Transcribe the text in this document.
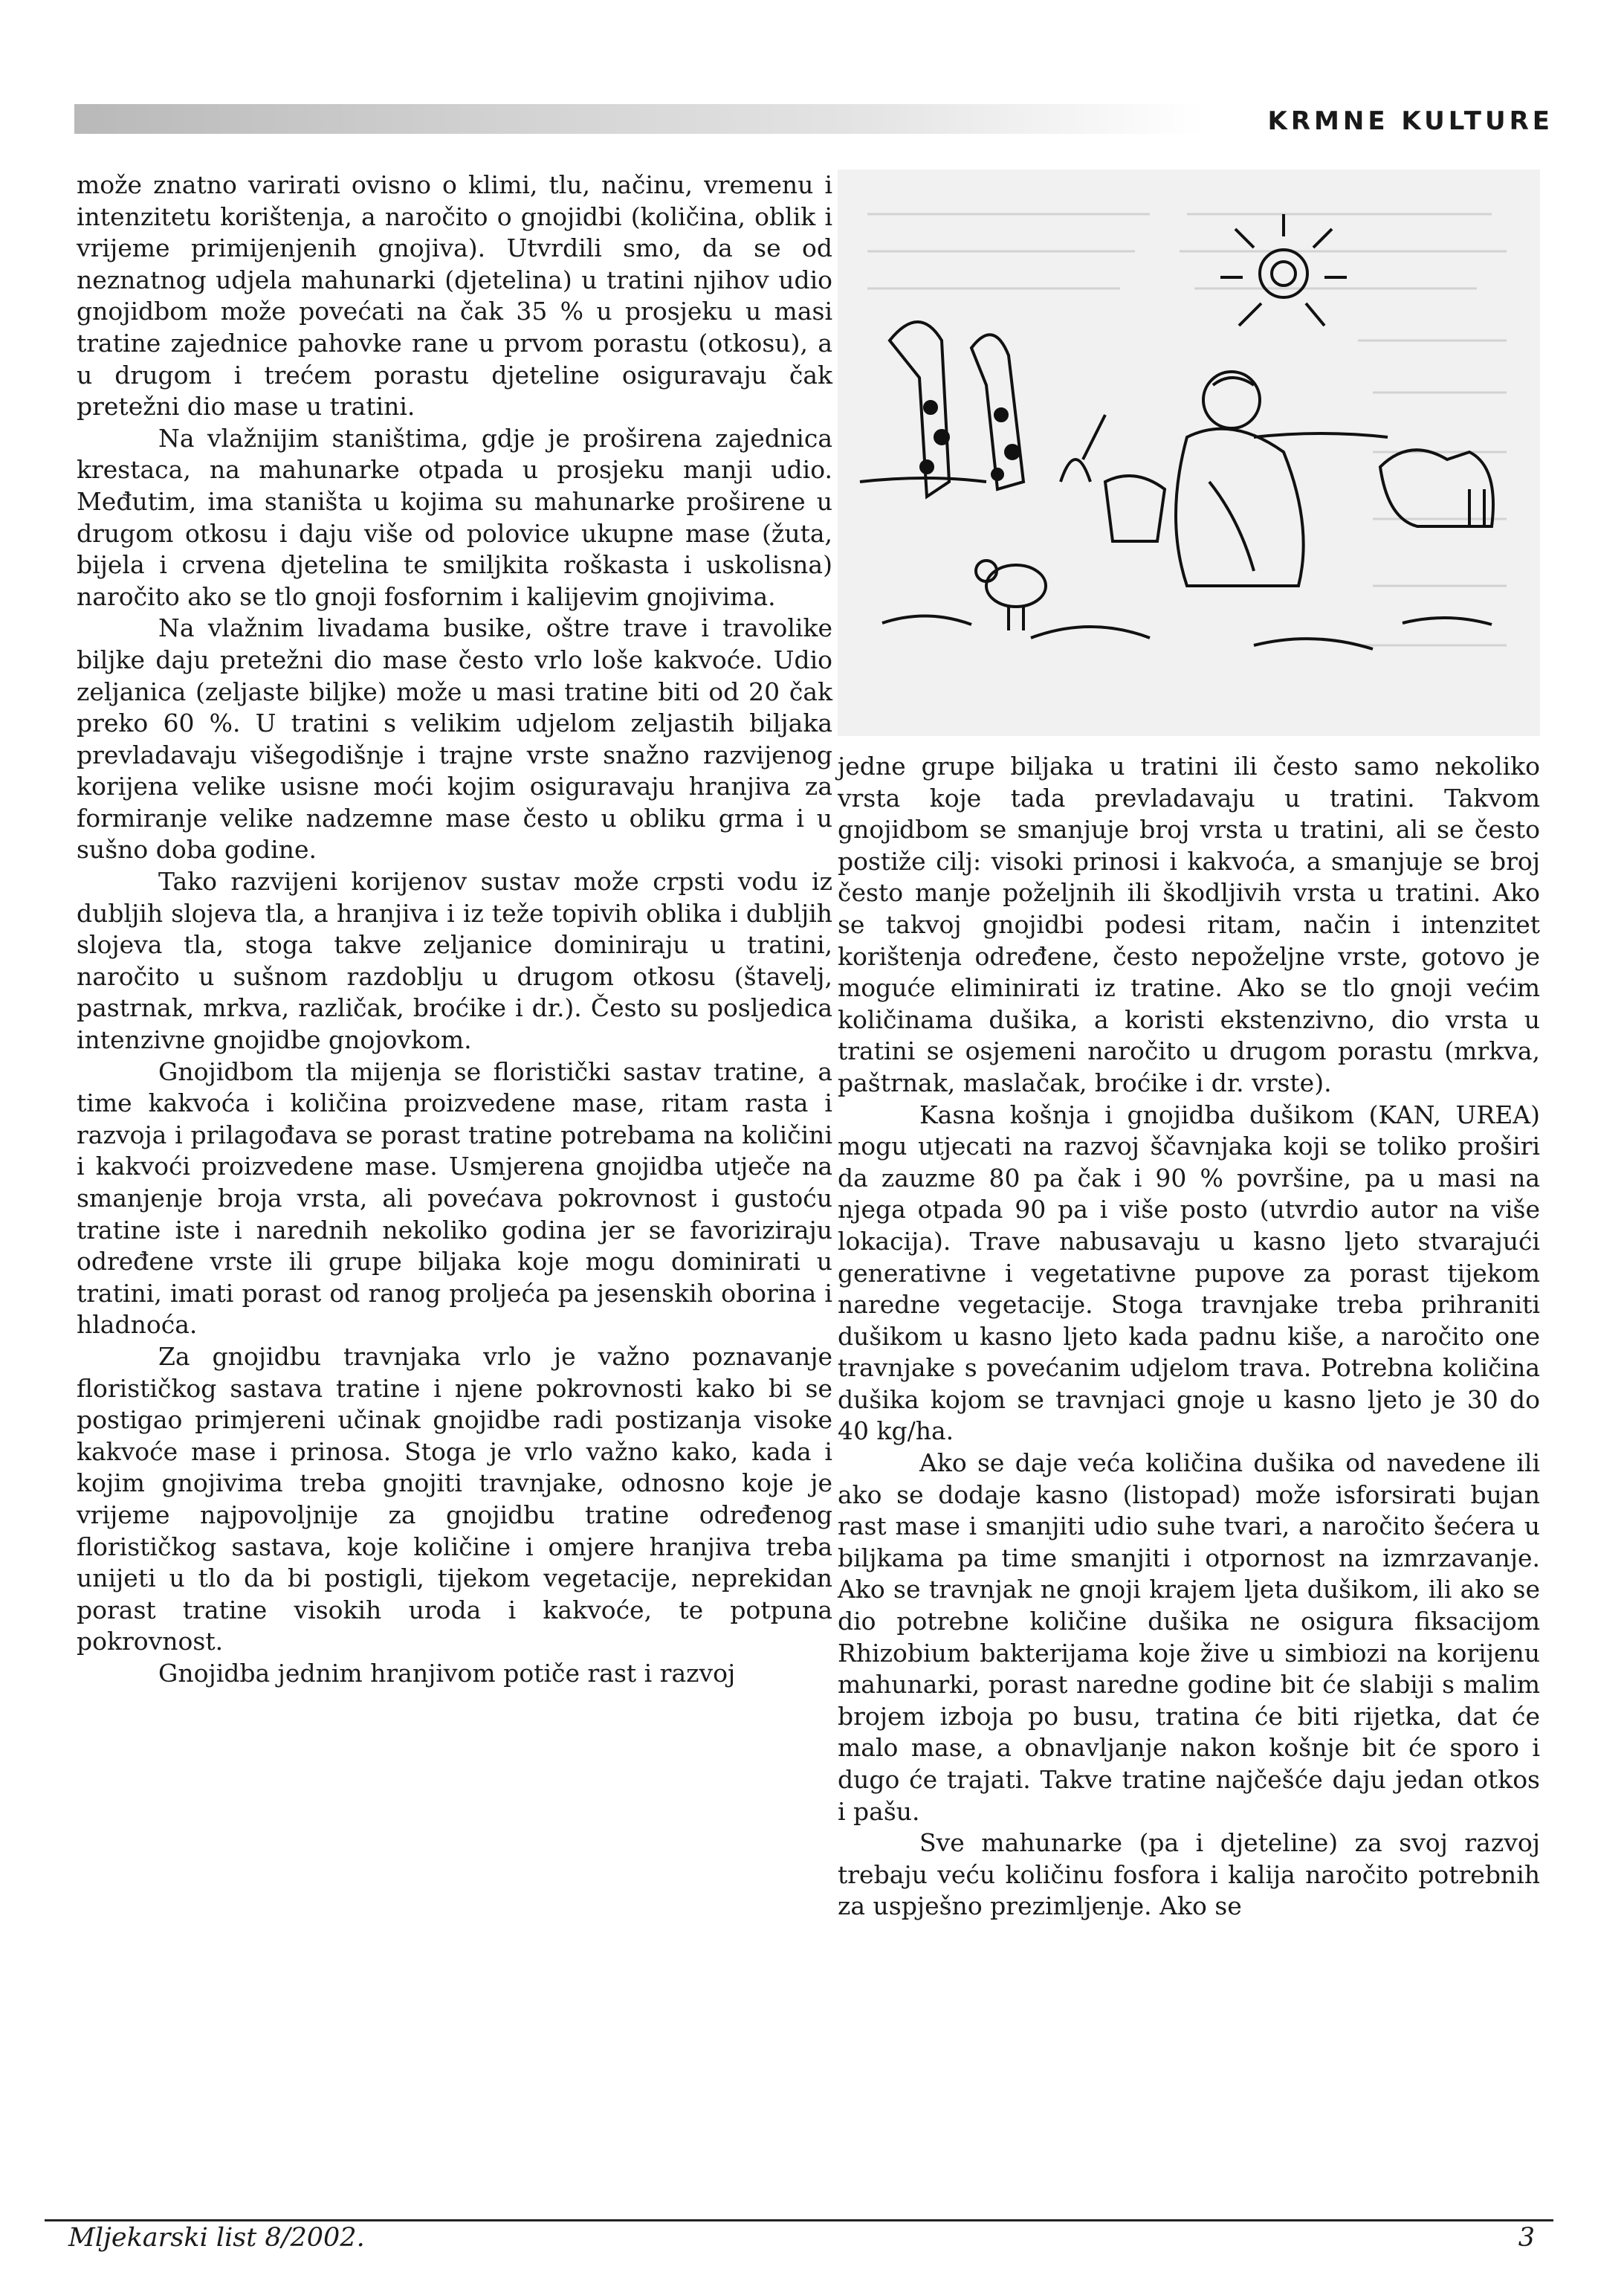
KRMNE KULTURE

može znatno varirati ovisno o klimi, tlu, načinu, vremenu i intenzitetu korištenja, a naročito o gnojidbi (količina, oblik i vrijeme primijenjenih gnojiva). Utvrdili smo, da se od neznatnog udjela mahunarki (djetelina) u tratini njihov udio gnojidbom može povećati na čak 35 % u prosjeku u masi tratine zajednice pahovke rane u prvom porastu (otkosu), a u drugom i trećem porastu djeteline osiguravaju čak pretežni dio mase u tratini.

Na vlažnijim staništima, gdje je proširena zajednica krestaca, na mahunarke otpada u prosjeku manji udio. Međutim, ima staništa u kojima su mahunarke proširene u drugom otkosu i daju više od polovice ukupne mase (žuta, bijela i crvena djetelina te smiljkita roškasta i uskolisna) naročito ako se tlo gnoji fosfornim i kalijevim gnojivima.

Na vlažnim livadama busike, oštre trave i travolike biljke daju pretežni dio mase često vrlo loše kakvoće. Udio zeljanica (zeljaste biljke) može u masi tratine biti od 20 čak preko 60 %. U tratini s velikim udjelom zeljastih biljaka prevladavaju višegodišnje i trajne vrste snažno razvijenog korijena velike usisne moći kojim osiguravaju hranjiva za formiranje velike nadzemne mase često u obliku grma i u sušno doba godine.

Tako razvijeni korijenov sustav može crpsti vodu iz dubljih slojeva tla, a hranjiva i iz teže topivih oblika i dubljih slojeva tla, stoga takve zeljanice dominiraju u tratini, naročito u sušnom razdoblju u drugom otkosu (štavelj, pastrnak, mrkva, različak, broćike i dr.). Često su posljedica intenzivne gnojidbe gnojovkom.

Gnojidbom tla mijenja se floristički sastav tratine, a time kakvoća i količina proizvedene mase, ritam rasta i razvoja i prilagođava se porast tratine potrebama na količini i kakvoći proizvedene mase. Usmjerena gnojidba utječe na smanjenje broja vrsta, ali povećava pokrovnost i gustoću tratine iste i narednih nekoliko godina jer se favoriziraju određene vrste ili grupe biljaka koje mogu dominirati u tratini, imati porast od ranog proljeća pa jesenskih oborina i hladnoća.

Za gnojidbu travnjaka vrlo je važno poznavanje florističkog sastava tratine i njene pokrovnosti kako bi se postigao primjereni učinak gnojidbe radi postizanja visoke kakvoće mase i prinosa. Stoga je vrlo važno kako, kada i kojim gnojivima treba gnojiti travnjake, odnosno koje je vrijeme najpovoljnije za gnojidbu tratine određenog florističkog sastava, koje količine i omjere hranjiva treba unijeti u tlo da bi postigli, tijekom vegetacije, neprekidan porast tratine visokih uroda i kakvoće, te potpuna pokrovnost.

Gnojidba jednim hranjivom potiče rast i razvoj

jedne grupe biljaka u tratini ili često samo nekoliko vrsta koje tada prevladavaju u tratini. Takvom gnojidbom se smanjuje broj vrsta u tratini, ali se često postiže cilj: visoki prinosi i kakvoća, a smanjuje se broj često manje poželjnih ili škodljivih vrsta u tratini. Ako se takvoj gnojidbi podesi ritam, način i intenzitet korištenja određene, često nepoželjne vrste, gotovo je moguće eliminirati iz tratine. Ako se tlo gnoji većim količinama dušika, a koristi ekstenzivno, dio vrsta u tratini se osjemeni naročito u drugom porastu (mrkva, paštrnak, maslačak, broćike i dr. vrste).

Kasna košnja i gnojidba dušikom (KAN, UREA) mogu utjecati na razvoj ščavnjaka koji se toliko proširi da zauzme 80 pa čak i 90 % površine, pa u masi na njega otpada 90 pa i više posto (utvrdio autor na više lokacija). Trave nabusavaju u kasno ljeto stvarajući generativne i vegetativne pupove za porast tijekom naredne vegetacije. Stoga travnjake treba prihraniti dušikom u kasno ljeto kada padnu kiše, a naročito one travnjake s povećanim udjelom trava. Potrebna količina dušika kojom se travnjaci gnoje u kasno ljeto je 30 do 40 kg/ha.

Ako se daje veća količina dušika od navedene ili ako se dodaje kasno (listopad) može isforsirati bujan rast mase i smanjiti udio suhe tvari, a naročito šećera u biljkama pa time smanjiti i otpornost na izmrzavanje. Ako se travnjak ne gnoji krajem ljeta dušikom, ili ako se dio potrebne količine dušika ne osigura fiksacijom Rhizobium bakterijama koje žive u simbiozi na korijenu mahunarki, porast naredne godine bit će slabiji s malim brojem izboja po busu, tratina će biti rijetka, dat će malo mase, a obnavljanje nakon košnje bit će sporo i dugo će trajati. Takve tratine najčešće daju jedan otkos i pašu.

Sve mahunarke (pa i djeteline) za svoj razvoj trebaju veću količinu fosfora i kalija naročito potrebnih za uspješno prezimljenje. Ako se

Mljekarski list 8/2002.	3
